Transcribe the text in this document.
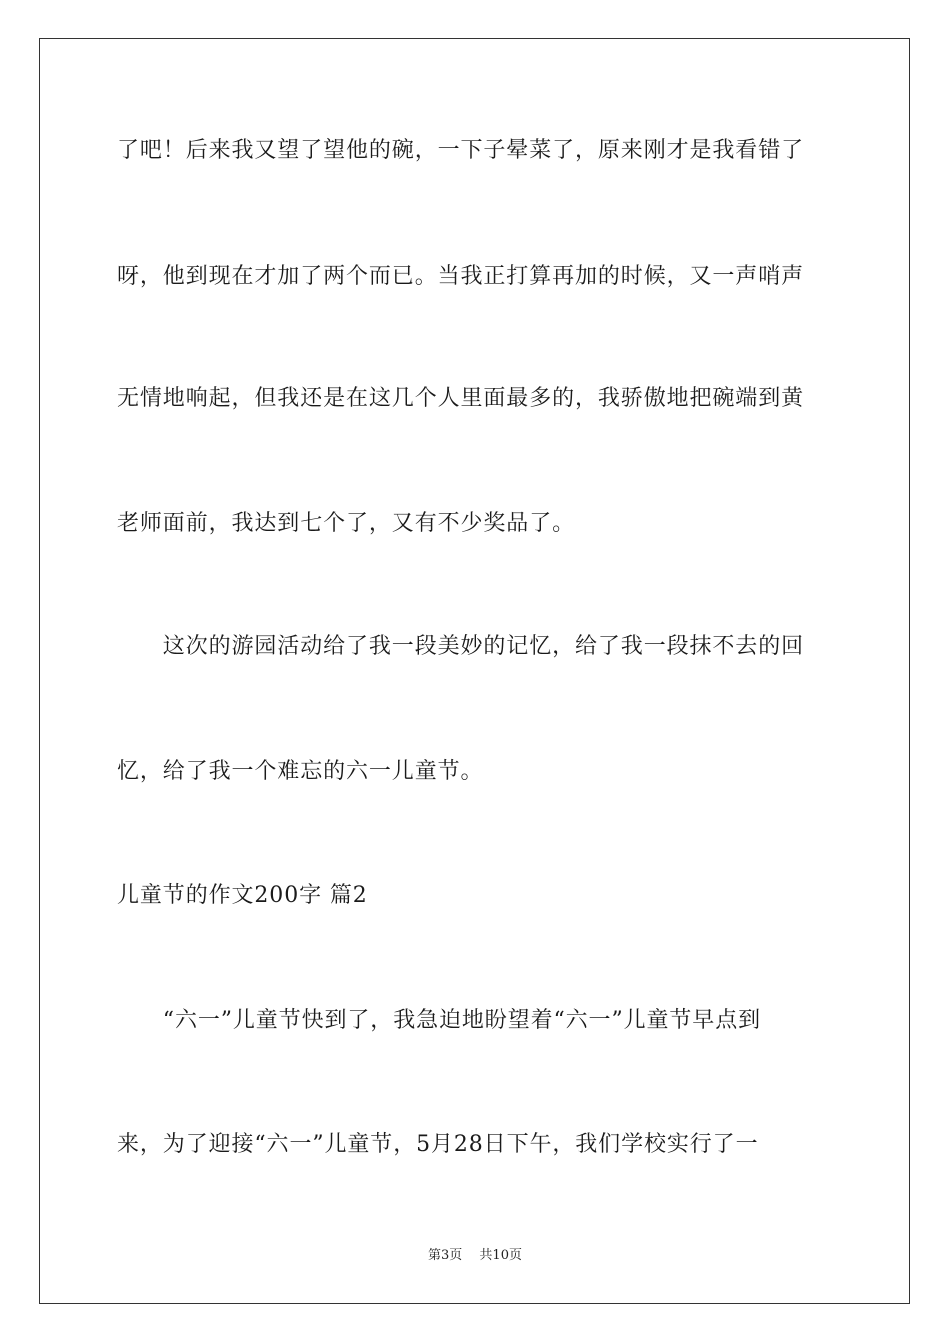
了吧！后来我又望了望他的碗，一下子晕菜了，原来刚才是我看错了
呀，他到现在才加了两个而已。当我正打算再加的时候，又一声哨声
无情地响起，但我还是在这几个人里面最多的，我骄傲地把碗端到黄
老师面前，我达到七个了，又有不少奖品了。
　　这次的游园活动给了我一段美妙的记忆，给了我一段抹不去的回
忆，给了我一个难忘的六一儿童节。
儿童节的作文200字 篇2
　　“六一”儿童节快到了，我急迫地盼望着“六一”儿童节早点到
来，为了迎接“六一”儿童节，5月28日下午，我们学校实行了一
第3页　 共10页
